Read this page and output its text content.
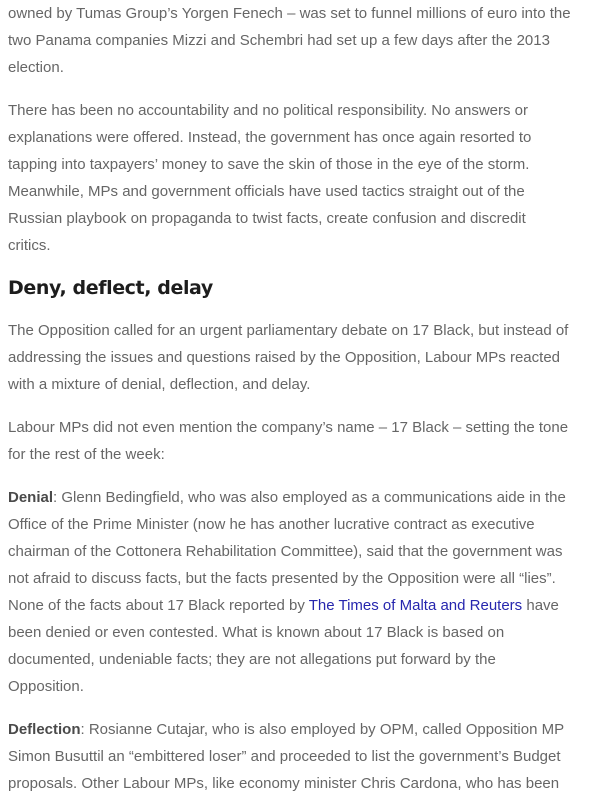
owned by Tumas Group’s Yorgen Fenech – was set to funnel millions of euro into the
two Panama companies Mizzi and Schembri had set up a few days after the 2013
election.

There has been no accountability and no political responsibility. No answers or
explanations were offered. Instead, the government has once again resorted to
tapping into taxpayers’ money to save the skin of those in the eye of the storm.
Meanwhile, MPs and government officials have used tactics straight out of the
Russian playbook on propaganda to twist facts, create confusion and discredit
critics.

Deny, deflect, delay

The Opposition called for an urgent parliamentary debate on 17 Black, but instead of
addressing the issues and questions raised by the Opposition, Labour MPs reacted
with a mixture of denial, deflection, and delay.

Labour MPs did not even mention the company’s name – 17 Black – setting the tone
for the rest of the week:

Denial: Glenn Bedingfield, who was also employed as a communications aide in the
Office of the Prime Minister (now he has another lucrative contract as executive
chairman of the Cottonera Rehabilitation Committee), said that the government was
not afraid to discuss facts, but the facts presented by the Opposition were all “lies”.
None of the facts about 17 Black reported by The Times of Malta and Reuters have
been denied or even contested. What is known about 17 Black is based on
documented, undeniable facts; they are not allegations put forward by the
Opposition.

Deflection: Rosianne Cutajar, who is also employed by OPM, called Opposition MP
Simon Busuttil an “embittered loser” and proceeded to list the government’s Budget
proposals. Other Labour MPs, like economy minister Chris Cardona, who has been
